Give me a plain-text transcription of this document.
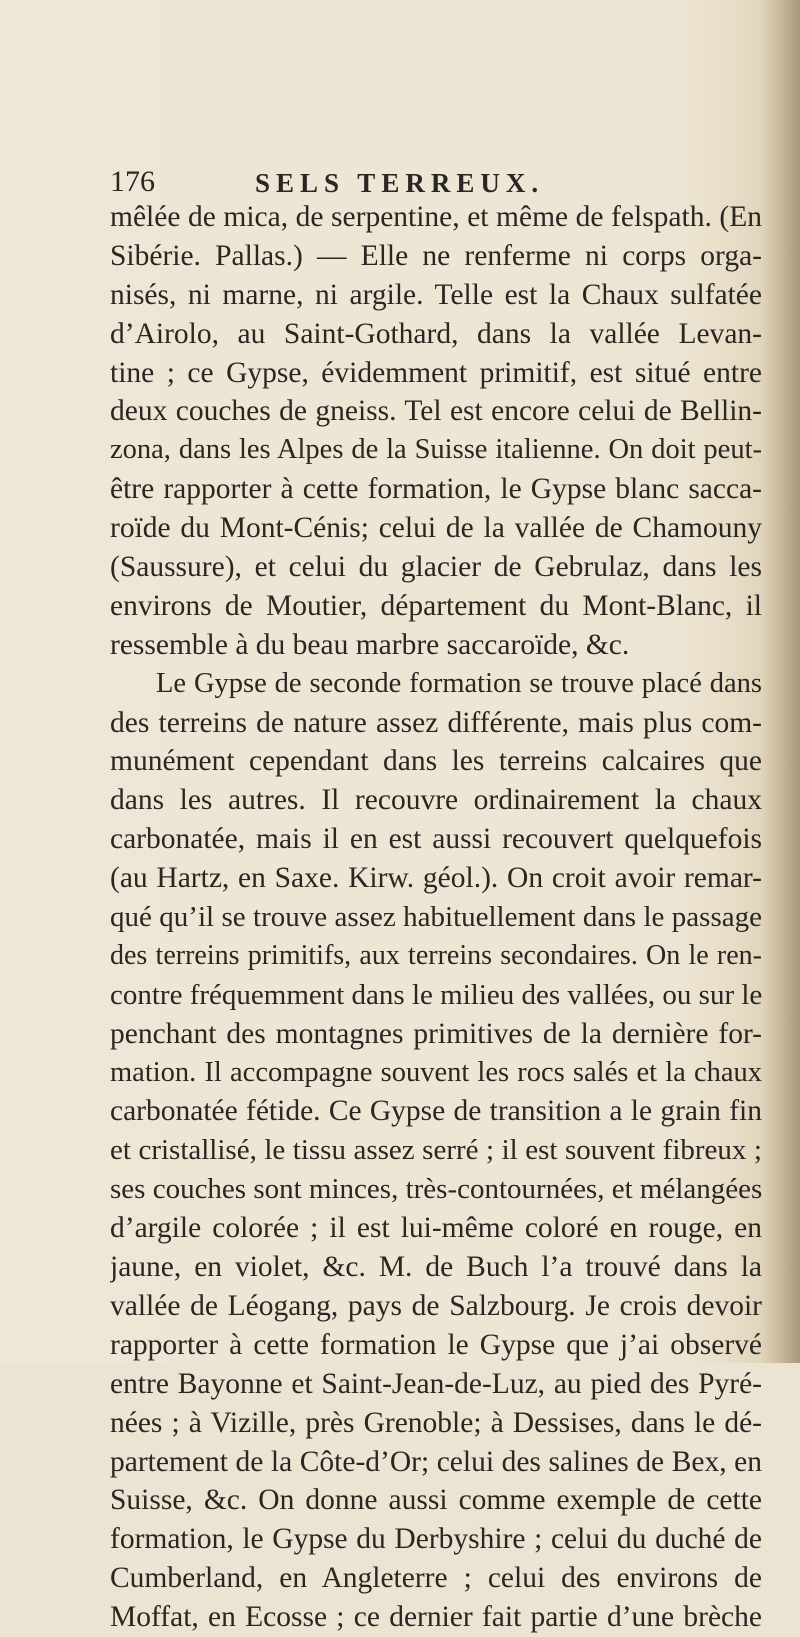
176	SELS TERREUX.
mêlée de mica, de serpentine, et même de felspath. (En
Sibérie. Pallas.) — Elle ne renferme ni corps orga-
nisés, ni marne, ni argile. Telle est la Chaux sulfatée
d’Airolo, au Saint-Gothard, dans la vallée Levan-
tine ; ce Gypse, évidemment primitif, est situé entre
deux couches de gneiss. Tel est encore celui de Bellin-
zona, dans les Alpes de la Suisse italienne. On doit peut-
être rapporter à cette formation, le Gypse blanc sacca-
roïde du Mont-Cénis; celui de la vallée de Chamouny
(Saussure), et celui du glacier de Gebrulaz, dans les
environs de Moutier, département du Mont-Blanc, il
ressemble à du beau marbre saccaroïde, &c.
Le Gypse de seconde formation se trouve placé dans
des terreins de nature assez différente, mais plus com-
munément cependant dans les terreins calcaires que
dans les autres. Il recouvre ordinairement la chaux
carbonatée, mais il en est aussi recouvert quelquefois
(au Hartz, en Saxe. Kirw. géol.). On croit avoir remar-
qué qu’il se trouve assez habituellement dans le passage
des terreins primitifs, aux terreins secondaires. On le ren-
contre fréquemment dans le milieu des vallées, ou sur le
penchant des montagnes primitives de la dernière for-
mation. Il accompagne souvent les rocs salés et la chaux
carbonatée fétide. Ce Gypse de transition a le grain fin
et cristallisé, le tissu assez serré ; il est souvent fibreux ;
ses couches sont minces, très-contournées, et mélangées
d’argile colorée ; il est lui-même coloré en rouge, en
jaune, en violet, &c. M. de Buch l’a trouvé dans la
vallée de Léogang, pays de Salzbourg. Je crois devoir
rapporter à cette formation le Gypse que j’ai observé
entre Bayonne et Saint-Jean-de-Luz, au pied des Pyré-
nées ; à Vizille, près Grenoble; à Dessises, dans le dé-
partement de la Côte-d’Or; celui des salines de Bex, en
Suisse, &c. On donne aussi comme exemple de cette
formation, le Gypse du Derbyshire ; celui du duché de
Cumberland, en Angleterre ; celui des environs de
Moffat, en Ecosse ; ce dernier fait partie d’une brèche
